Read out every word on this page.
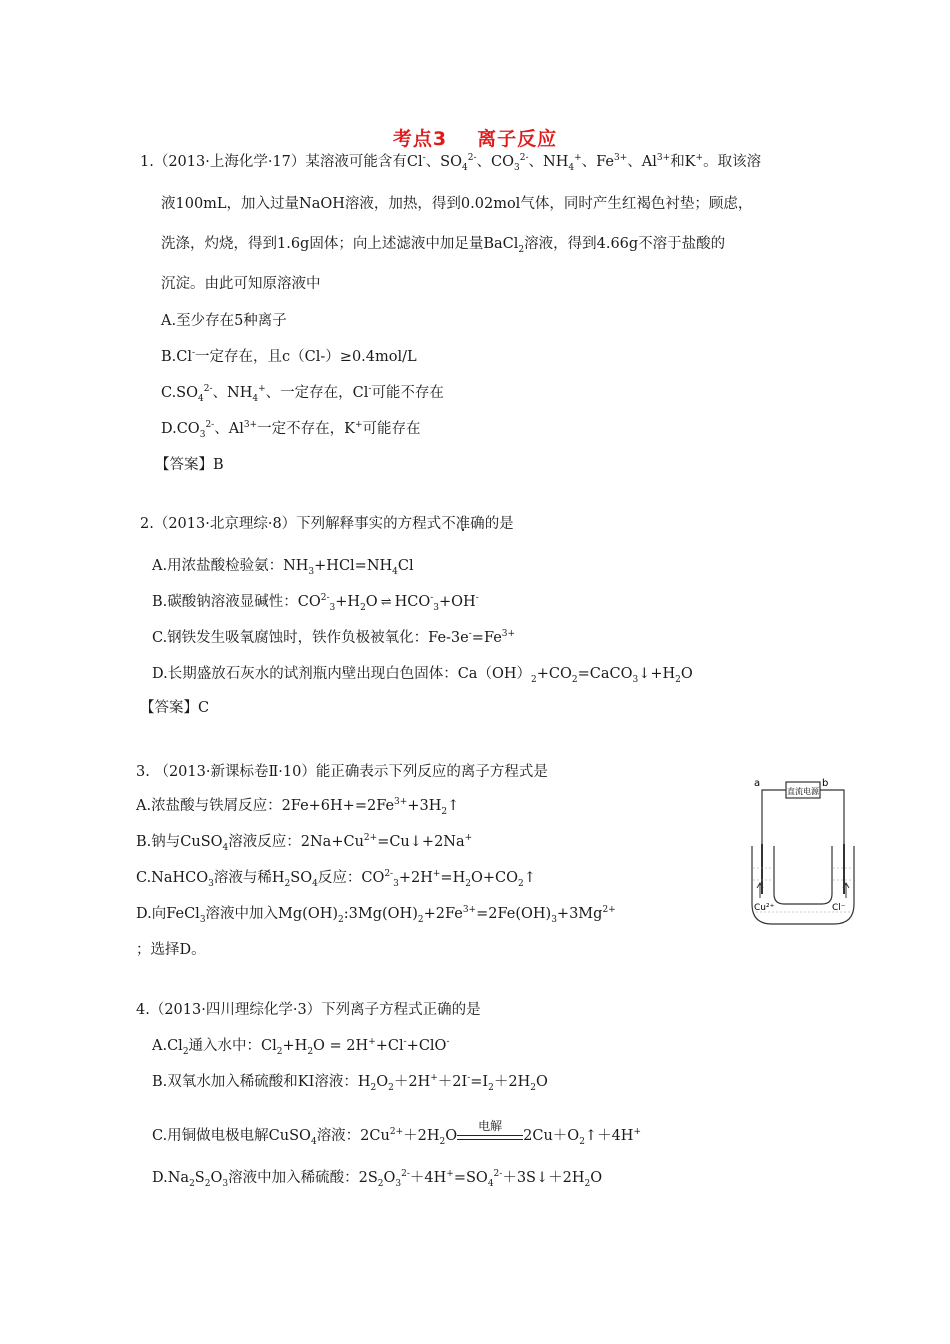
考点3 离子反应
1.（2013·上海化学·17）某溶液可能含有Cl-、$SO_4^{2-}$、$CO_3^{2-}$、$NH_4^+$、$Fe^{3+}$、$Al^{3+}$和K+。取该溶
液100mL，加入过量NaOH溶液，加热，得到0.02mol气体，同时产生红褐色衬垫；顾虑，
洗涤，灼烧，得到1.6g固体；向上述滤液中加足量BaCl$_2$溶液，得到4.66g不溶于盐酸的
沉淀。由此可知原溶液中
A.至少存在5种离子
B.Cl-一定存在，且c（Cl-）≥0.4mol/L
$C.SO_4^{2-}$、$NH_4^+$、一定存在，Cl-可能不存在
$D.CO_3^{2-}$、$Al^{3+}$一定不存在，K+可能存在
【答案】B
2.（2013·北京理综·8）下列解释事实的方程式不准确的是
A.用浓盐酸检验氨：$NH_3+HCl=NH_4Cl$
B.碳酸钠溶液显碱性：$CO^{2-}_3+H_2O$ ⇌ $HCO^-_3+OH^-$
C.钢铁发生吸氧腐蚀时，铁作负极被氧化：$Fe-3e^-=Fe^{3+}$
D.长期盛放石灰水的试剂瓶内壁出现白色固体：$Ca(OH)_2+CO_2=CaCO_3↓+H_2O$
【答案】C
3. （2013·新课标卷Ⅱ·10）能正确表示下列反应的离子方程式是
A.浓盐酸与铁屑反应：$2Fe+6H+=2Fe^{3+}+3H_2↑$
B.钠与CuSO$_4$溶液反应：$2Na+Cu^{2+}=Cu↓+2Na^+$
C.NaHCO$_3$溶液与稀$H_2SO_4$反应：$CO^{2-}_3+2H^+=H_2O+CO_2↑$
D.向FeCl$_3$溶液中加入$Mg(OH)_2:3Mg(OH)_2+2Fe^{3+}=2Fe(OH)_3+3Mg^{2+}$
；选择D。
a	b
直流电源
Cu²⁺	Cl⁻
4.（2013·四川理综化学·3）下列离子方程式正确的是
$A.Cl_2$通入水中：$Cl_2+H_2O = 2H^++Cl^-+ClO^-$
B.双氧水加入稀硫酸和KI溶液：$H_2O_2+2H^++2I^-=I_2+2H_2O$
C.用铜做电极电解CuSO$_4$溶液：$2Cu^{2+}+2H_2O$
电解
$2Cu+O_2↑+4H^+$
$D.Na_2S_2O_3$溶液中加入稀硫酸：$2S_2O_3^{2-}+4H^+=SO_4^{2-}+3S↓+2H_2O$
